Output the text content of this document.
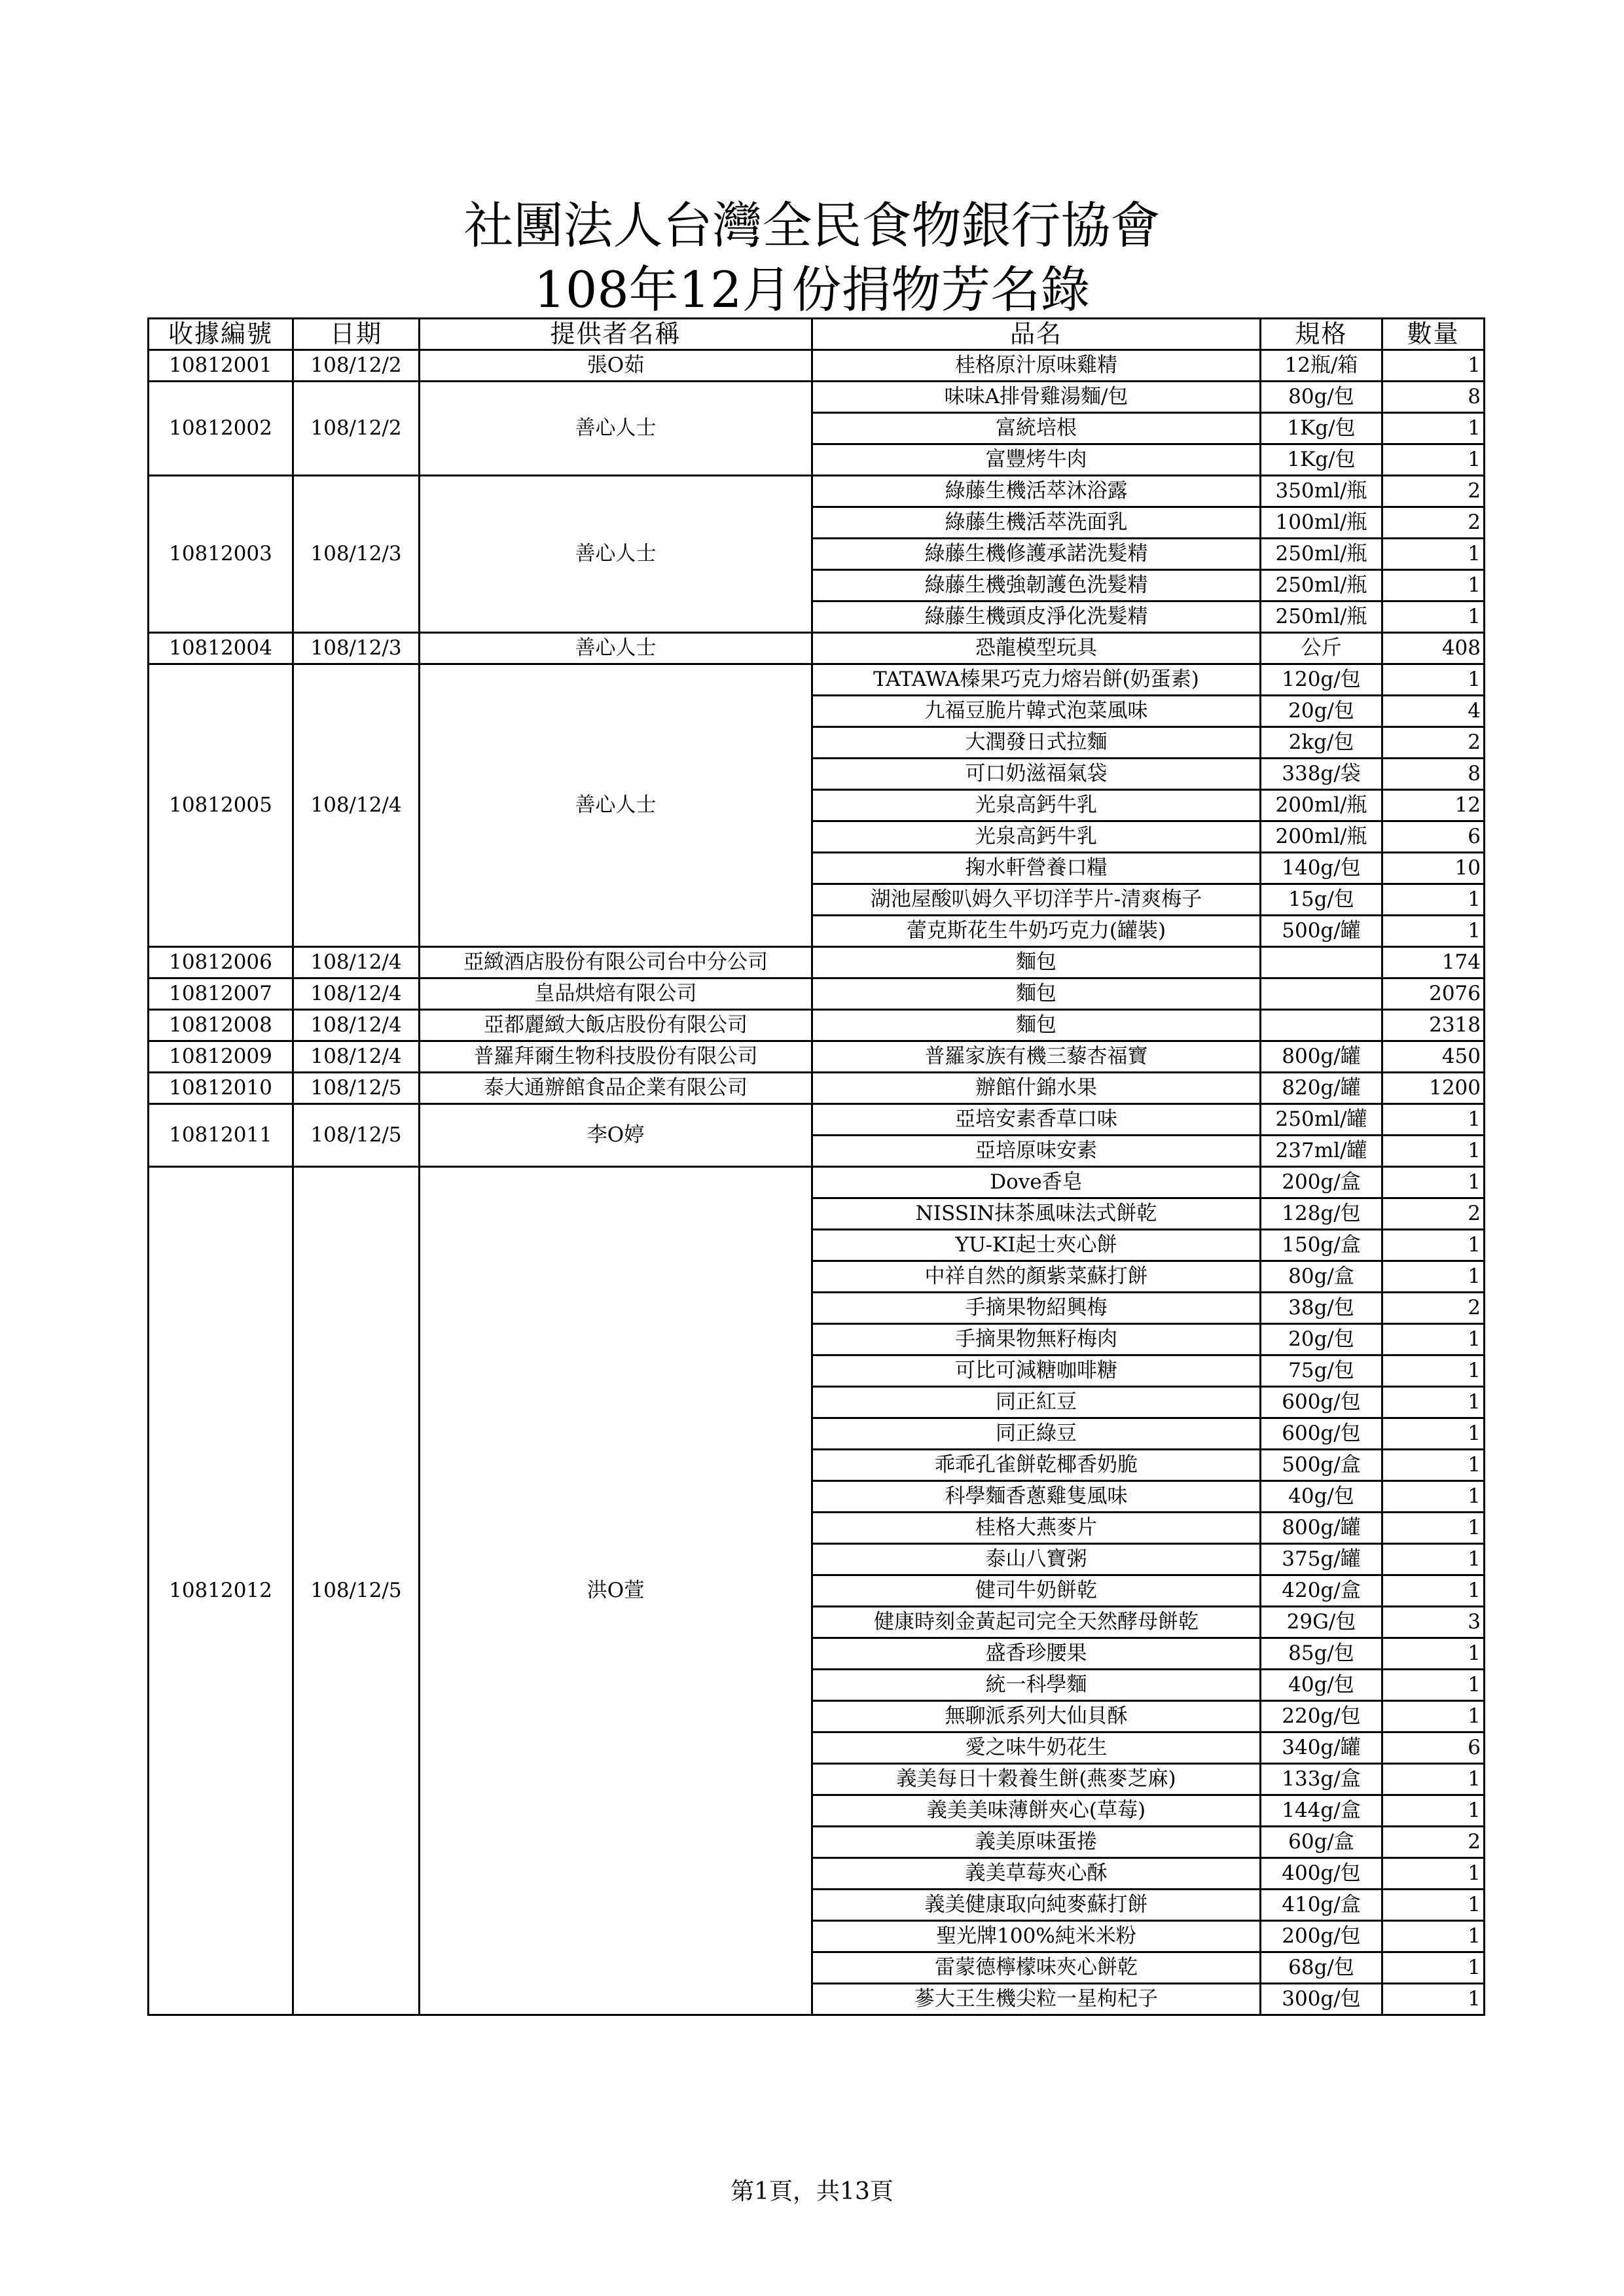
社團法人台灣全民食物銀行協會
108年12月份捐物芳名錄
收據編號	日期	提供者名稱	品名	規格	數量
10812001	108/12/2	張O茹	桂格原汁原味雞精	12瓶/箱	1
10812002	108/12/2	善心人士	味味A排骨雞湯麵/包	80g/包	8
			富統培根	1Kg/包	1
			富豐烤牛肉	1Kg/包	1
10812003	108/12/3	善心人士	綠藤生機活萃沐浴露	350ml/瓶	2
			綠藤生機活萃洗面乳	100ml/瓶	2
			綠藤生機修護承諾洗髮精	250ml/瓶	1
			綠藤生機強韌護色洗髮精	250ml/瓶	1
			綠藤生機頭皮淨化洗髮精	250ml/瓶	1
10812004	108/12/3	善心人士	恐龍模型玩具	公斤	408
10812005	108/12/4	善心人士	TATAWA榛果巧克力熔岩餅(奶蛋素)	120g/包	1
			九福豆脆片韓式泡菜風味	20g/包	4
			大潤發日式拉麵	2kg/包	2
			可口奶滋福氣袋	338g/袋	8
			光泉高鈣牛乳	200ml/瓶	12
			光泉高鈣牛乳	200ml/瓶	6
			掬水軒營養口糧	140g/包	10
			湖池屋酸叭姆久平切洋芋片-清爽梅子	15g/包	1
			蕾克斯花生牛奶巧克力(罐裝)	500g/罐	1
10812006	108/12/4	亞緻酒店股份有限公司台中分公司	麵包		174
10812007	108/12/4	皇品烘焙有限公司	麵包		2076
10812008	108/12/4	亞都麗緻大飯店股份有限公司	麵包		2318
10812009	108/12/4	普羅拜爾生物科技股份有限公司	普羅家族有機三藜杏福寶	800g/罐	450
10812010	108/12/5	泰大通辦館食品企業有限公司	辦館什錦水果	820g/罐	1200
10812011	108/12/5	李O婷	亞培安素香草口味	250ml/罐	1
			亞培原味安素	237ml/罐	1
10812012	108/12/5	洪O萱	Dove香皂	200g/盒	1
			NISSIN抹茶風味法式餅乾	128g/包	2
			YU-KI起士夾心餅	150g/盒	1
			中祥自然的顏紫菜蘇打餅	80g/盒	1
			手摘果物紹興梅	38g/包	2
			手摘果物無籽梅肉	20g/包	1
			可比可減糖咖啡糖	75g/包	1
			同正紅豆	600g/包	1
			同正綠豆	600g/包	1
			乖乖孔雀餅乾椰香奶脆	500g/盒	1
			科學麵香蔥雞隻風味	40g/包	1
			桂格大燕麥片	800g/罐	1
			泰山八寶粥	375g/罐	1
			健司牛奶餅乾	420g/盒	1
			健康時刻金黃起司完全天然酵母餅乾	29G/包	3
			盛香珍腰果	85g/包	1
			統一科學麵	40g/包	1
			無聊派系列大仙貝酥	220g/包	1
			愛之味牛奶花生	340g/罐	6
			義美每日十穀養生餅(燕麥芝麻)	133g/盒	1
			義美美味薄餅夾心(草莓)	144g/盒	1
			義美原味蛋捲	60g/盒	2
			義美草莓夾心酥	400g/包	1
			義美健康取向純麥蘇打餅	410g/盒	1
			聖光牌100%純米米粉	200g/包	1
			雷蒙德檸檬味夾心餅乾	68g/包	1
			蔘大王生機尖粒一星枸杞子	300g/包	1
第1頁，共13頁
